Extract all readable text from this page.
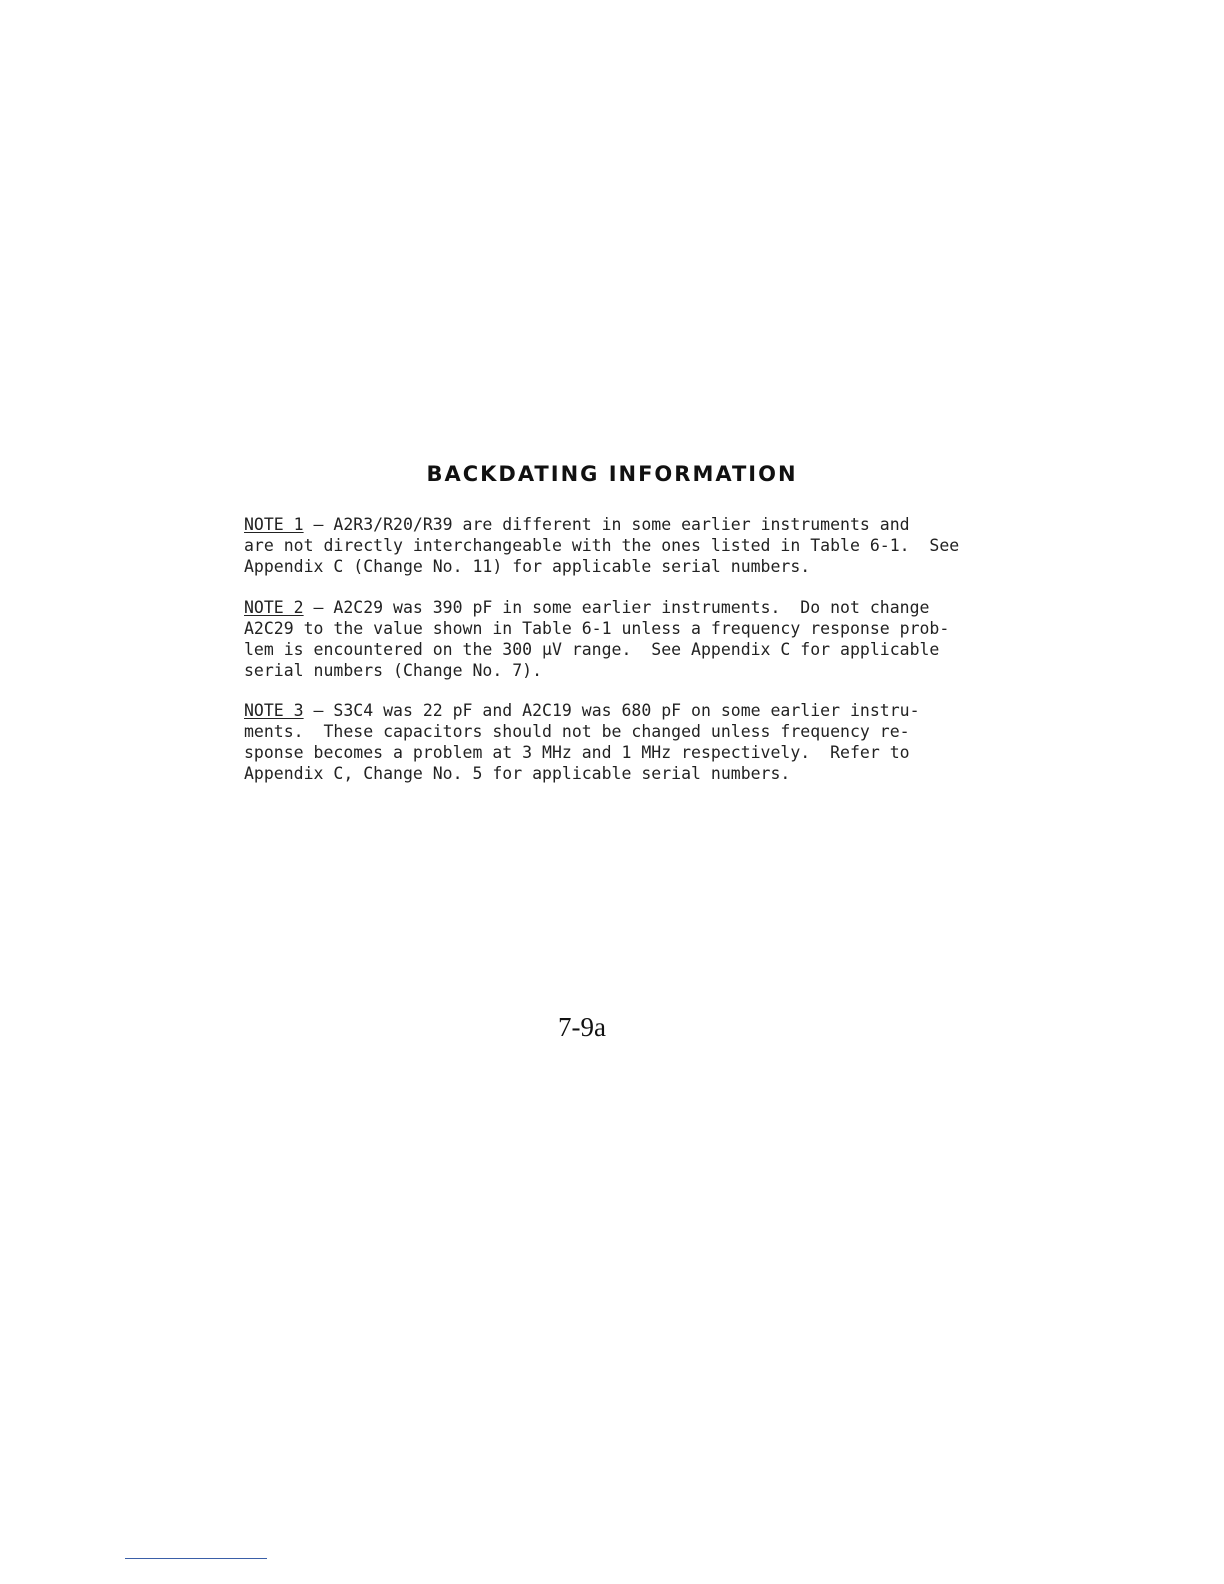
BACKDATING INFORMATION
NOTE 1 — A2R3/R20/R39 are different in some earlier instruments and
are not directly interchangeable with the ones listed in Table 6-1.  See
Appendix C (Change No. 11) for applicable serial numbers.
NOTE 2 — A2C29 was 390 pF in some earlier instruments.  Do not change
A2C29 to the value shown in Table 6-1 unless a frequency response prob-
lem is encountered on the 300 μV range.  See Appendix C for applicable
serial numbers (Change No. 7).
NOTE 3 — S3C4 was 22 pF and A2C19 was 680 pF on some earlier instru-
ments.  These capacitors should not be changed unless frequency re-
sponse becomes a problem at 3 MHz and 1 MHz respectively.  Refer to
Appendix C, Change No. 5 for applicable serial numbers.
7-9a
